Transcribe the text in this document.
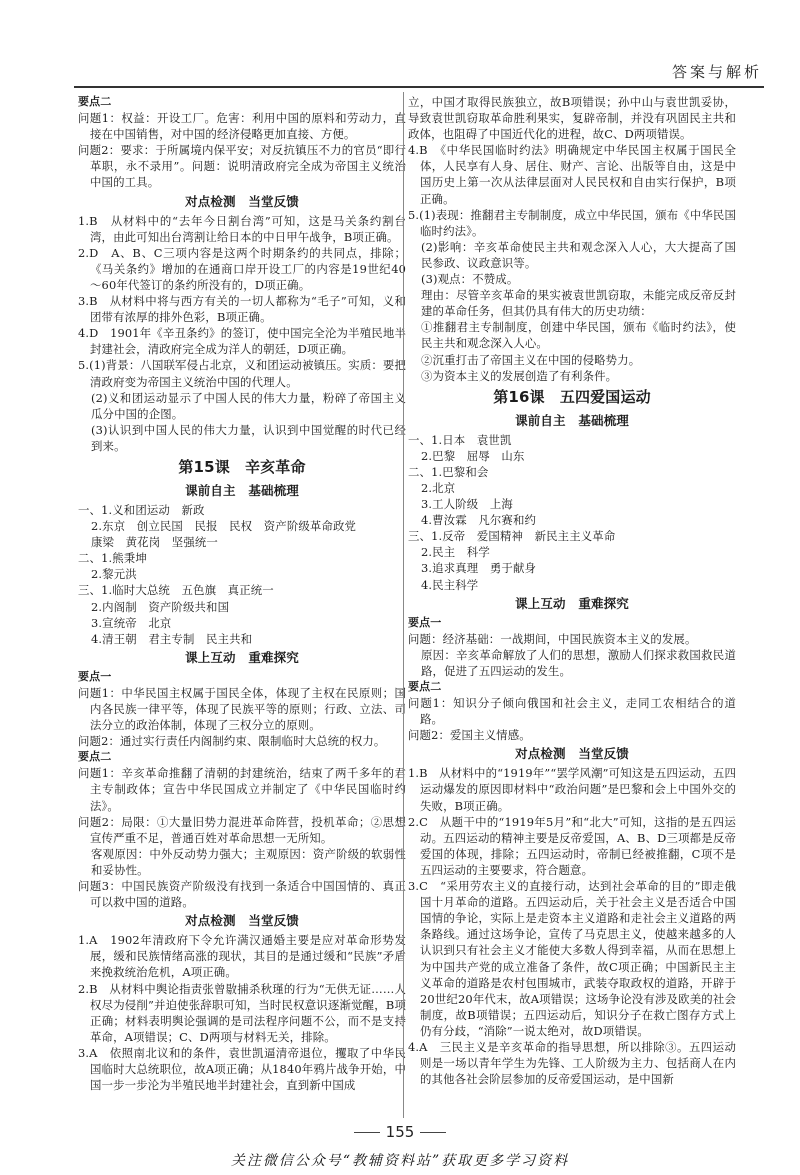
答案与解析

要点二

问题1：权益：开设工厂。危害：利用中国的原料和劳动力，直接在中国销售，对中国的经济侵略更加直接、方便。

问题2：要求：于所属境内保平安；对反抗镇压不力的官员“即行革职，永不录用”。问题：说明清政府完全成为帝国主义统治中国的工具。

对点检测　当堂反馈

1.B　从材料中的“去年今日割台湾”可知，这是马关条约割台湾，由此可知出台湾割让给日本的中日甲午战争，B项正确。

2.D　A、B、C三项内容是这两个时期条约的共同点，排除；《马关条约》增加的在通商口岸开设工厂的内容是19世纪40～60年代签订的条约所没有的，D项正确。

3.B　从材料中将与西方有关的一切人都称为“毛子”可知，义和团带有浓厚的排外色彩，B项正确。

4.D　1901年《辛丑条约》的签订，使中国完全沦为半殖民地半封建社会，清政府完全成为洋人的朝廷，D项正确。

5.(1)背景：八国联军侵占北京，义和团运动被镇压。实质：要把清政府变为帝国主义统治中国的代理人。

(2)义和团运动显示了中国人民的伟大力量，粉碎了帝国主义瓜分中国的企图。

(3)认识到中国人民的伟大力量，认识到中国觉醒的时代已经到来。

第15课　辛亥革命

课前自主　基础梳理

一、1.义和团运动　新政

2.东京　创立民国　民报　民权　资产阶级革命政党

康梁　黄花岗　坚强统一

二、1.熊秉坤

2.黎元洪

三、1.临时大总统　五色旗　真正统一

2.内阁制　资产阶级共和国

3.宣统帝　北京

4.清王朝　君主专制　民主共和

课上互动　重难探究

要点一

问题1：中华民国主权属于国民全体，体现了主权在民原则；国内各民族一律平等，体现了民族平等的原则；行政、立法、司法分立的政治体制，体现了三权分立的原则。

问题2：通过实行责任内阁制约束、限制临时大总统的权力。

要点二

问题1：辛亥革命推翻了清朝的封建统治，结束了两千多年的君主专制政体；宣告中华民国成立并制定了《中华民国临时约法》。

问题2：局限：①大量旧势力混进革命阵营，投机革命；②思想宣传严重不足，普通百姓对革命思想一无所知。

客观原因：中外反动势力强大；主观原因：资产阶级的软弱性和妥协性。

问题3：中国民族资产阶级没有找到一条适合中国国情的、真正可以救中国的道路。

对点检测　当堂反馈

1.A　1902年清政府下令允许满汉通婚主要是应对革命形势发展，缓和民族情绪高涨的现状，其目的是通过缓和“民族”矛盾来挽救统治危机，A项正确。

2.B　从材料中舆论指责张曾敭捕杀秋瑾的行为“无供无证……人权尽为侵削”并迫使张辞职可知，当时民权意识逐渐觉醒，B项正确；材料表明舆论强调的是司法程序问题不公，而不是支持革命，A项错误；C、D两项与材料无关，排除。

3.A　依照南北议和的条件，袁世凯逼清帝退位，攫取了中华民国临时大总统职位，故A项正确；从1840年鸦片战争开始，中国一步一步沦为半殖民地半封建社会，直到新中国成

立，中国才取得民族独立，故B项错误；孙中山与袁世凯妥协，导致袁世凯窃取革命胜利果实，复辟帝制，并没有巩固民主共和政体，也阻碍了中国近代化的进程，故C、D两项错误。

4.B　《中华民国临时约法》明确规定中华民国主权属于国民全体，人民享有人身、居住、财产、言论、出版等自由，这是中国历史上第一次从法律层面对人民民权和自由实行保护，B项正确。

5.(1)表现：推翻君主专制制度，成立中华民国，颁布《中华民国临时约法》。

(2)影响：辛亥革命使民主共和观念深入人心，大大提高了国民参政、议政意识等。

(3)观点：不赞成。

理由：尽管辛亥革命的果实被袁世凯窃取，未能完成反帝反封建的革命任务，但其仍具有伟大的历史功绩：

①推翻君主专制制度，创建中华民国，颁布《临时约法》，使民主共和观念深入人心。

②沉重打击了帝国主义在中国的侵略势力。

③为资本主义的发展创造了有利条件。

第16课　五四爱国运动

课前自主　基础梳理

一、1.日本　袁世凯

2.巴黎　屈辱　山东

二、1.巴黎和会

2.北京

3.工人阶级　上海

4.曹汝霖　凡尔赛和约

三、1.反帝　爱国精神　新民主主义革命

2.民主　科学

3.追求真理　勇于献身

4.民主科学

课上互动　重难探究

要点一

问题：经济基础：一战期间，中国民族资本主义的发展。

原因：辛亥革命解放了人们的思想，激励人们探求救国救民道路，促进了五四运动的发生。

要点二

问题1：知识分子倾向俄国和社会主义，走同工农相结合的道路。

问题2：爱国主义情感。

对点检测　当堂反馈

1.B　从材料中的“1919年”“罢学风潮”可知这是五四运动，五四运动爆发的原因即材料中“政治问题”是巴黎和会上中国外交的失败，B项正确。

2.C　从题干中的“1919年5月”和“北大”可知，这指的是五四运动。五四运动的精神主要是反帝爱国，A、B、D三项都是反帝爱国的体现，排除；五四运动时，帝制已经被推翻，C项不是五四运动的主要要求，符合题意。

3.C　“采用劳农主义的直接行动，达到社会革命的目的”即走俄国十月革命的道路。五四运动后，关于社会主义是否适合中国国情的争论，实际上是走资本主义道路和走社会主义道路的两条路线。通过这场争论，宣传了马克思主义，使越来越多的人认识到只有社会主义才能使大多数人得到幸福，从而在思想上为中国共产党的成立准备了条件，故C项正确；中国新民主主义革命的道路是农村包围城市，武装夺取政权的道路，开辟于20世纪20年代末，故A项错误；这场争论没有涉及欧美的社会制度，故B项错误；五四运动后，知识分子在救亡图存方式上仍有分歧，“消除”一说太绝对，故D项错误。

4.A　三民主义是辛亥革命的指导思想，所以排除③。五四运动则是一场以青年学生为先锋、工人阶级为主力、包括商人在内的其他各社会阶层参加的反帝爱国运动，是中国新

155
关注微信公众号“教辅资料站”获取更多学习资料
